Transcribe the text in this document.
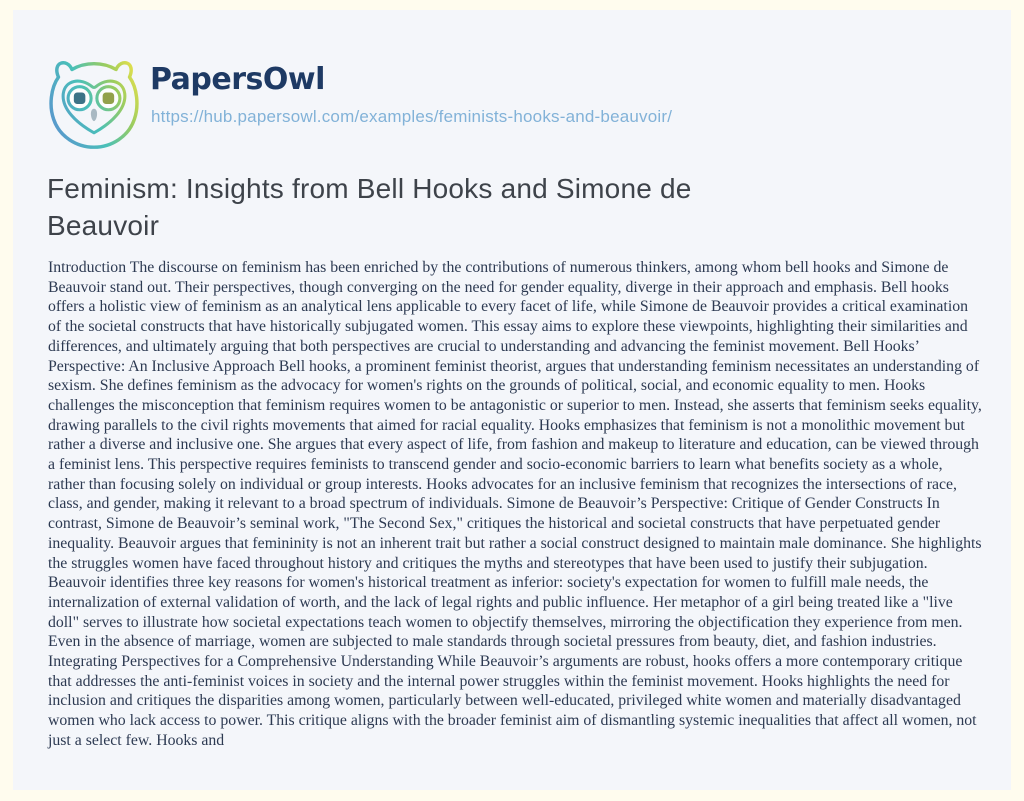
PapersOwl
https://hub.papersowl.com/examples/feminists-hooks-and-beauvoir/
Feminism: Insights from Bell Hooks and Simone de Beauvoir
Introduction The discourse on feminism has been enriched by the contributions of numerous thinkers, among whom bell hooks and Simone de Beauvoir stand out. Their perspectives, though converging on the need for gender equality, diverge in their approach and emphasis. Bell hooks offers a holistic view of feminism as an analytical lens applicable to every facet of life, while Simone de Beauvoir provides a critical examination of the societal constructs that have historically subjugated women. This essay aims to explore these viewpoints, highlighting their similarities and differences, and ultimately arguing that both perspectives are crucial to understanding and advancing the feminist movement. Bell Hooks’ Perspective: An Inclusive Approach Bell hooks, a prominent feminist theorist, argues that understanding feminism necessitates an understanding of sexism. She defines feminism as the advocacy for women's rights on the grounds of political, social, and economic equality to men. Hooks challenges the misconception that feminism requires women to be antagonistic or superior to men. Instead, she asserts that feminism seeks equality, drawing parallels to the civil rights movements that aimed for racial equality. Hooks emphasizes that feminism is not a monolithic movement but rather a diverse and inclusive one. She argues that every aspect of life, from fashion and makeup to literature and education, can be viewed through a feminist lens. This perspective requires feminists to transcend gender and socio-economic barriers to learn what benefits society as a whole, rather than focusing solely on individual or group interests. Hooks advocates for an inclusive feminism that recognizes the intersections of race, class, and gender, making it relevant to a broad spectrum of individuals. Simone de Beauvoir’s Perspective: Critique of Gender Constructs In contrast, Simone de Beauvoir’s seminal work, "The Second Sex," critiques the historical and societal constructs that have perpetuated gender inequality. Beauvoir argues that femininity is not an inherent trait but rather a social construct designed to maintain male dominance. She highlights the struggles women have faced throughout history and critiques the myths and stereotypes that have been used to justify their subjugation. Beauvoir identifies three key reasons for women's historical treatment as inferior: society's expectation for women to fulfill male needs, the internalization of external validation of worth, and the lack of legal rights and public influence. Her metaphor of a girl being treated like a "live doll" serves to illustrate how societal expectations teach women to objectify themselves, mirroring the objectification they experience from men. Even in the absence of marriage, women are subjected to male standards through societal pressures from beauty, diet, and fashion industries. Integrating Perspectives for a Comprehensive Understanding While Beauvoir’s arguments are robust, hooks offers a more contemporary critique that addresses the anti-feminist voices in society and the internal power struggles within the feminist movement. Hooks highlights the need for inclusion and critiques the disparities among women, particularly between well-educated, privileged white women and materially disadvantaged women who lack access to power. This critique aligns with the broader feminist aim of dismantling systemic inequalities that affect all women, not just a select few. Hooks and
